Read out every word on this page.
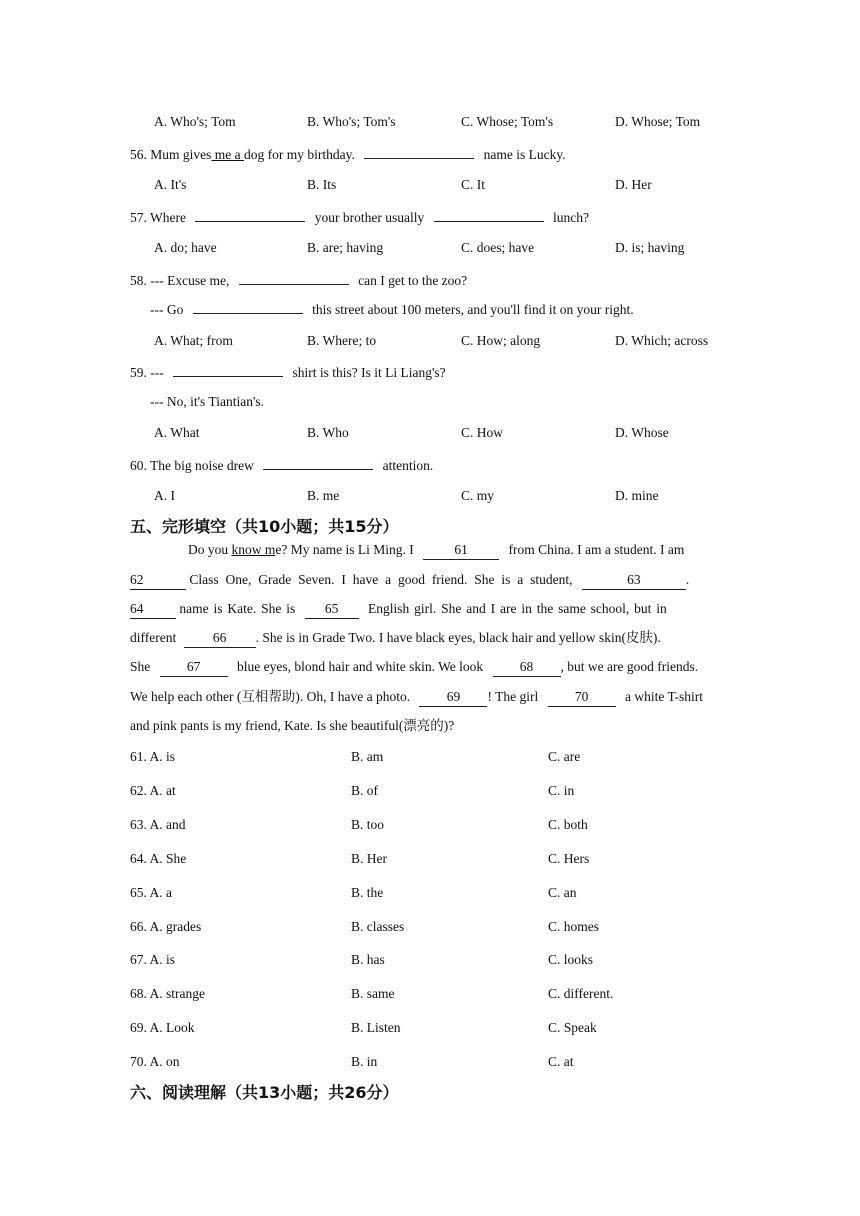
A. Who's; Tom	B. Who's; Tom's	C. Whose; Tom's	D. Whose; Tom
56. Mum gives me a dog for my birthday.	name is Lucky.
A. It's	B. Its	C. It	D. Her
57. Where	your brother usually	lunch?
A. do; have	B. are; having	C. does; have	D. is; having
58. --- Excuse me,	can I get to the zoo?
--- Go	this street about 100 meters, and you'll find it on your right.
A. What; from	B. Where; to	C. How; along	D. Which; across
59. ---	shirt is this? Is it Li Liang's?
--- No, it's Tiantian's.
A. What	B. Who	C. How	D. Whose
60. The big noise drew	attention.
A. I	B. me	C. my	D. mine
五、完形填空（共10小题；共15分）
Do you know me? My name is Li Ming. I	61	from China. I am a student. I am
62	Class One, Grade Seven. I have a good friend. She is a student,	63	.
64	name is Kate. She is 65 English girl. She and I are in the same school, but in
different	66 . She is in Grade Two. I have black eyes, black hair and yellow skin(皮肤).
She	67	blue eyes, blond hair and white skin. We look	68 , but we are good friends.
We help each other (互相帮助). Oh, I have a photo.	69 ! The girl	70	a white T-shirt
and pink pants is my friend, Kate. Is she beautiful(漂亮的)?
61. A. is	B. am	C. are
62. A. at	B. of	C. in
63. A. and	B. too	C. both
64. A. She	B. Her	C. Hers
65. A. a	B. the	C. an
66. A. grades	B. classes	C. homes
67. A. is	B. has	C. looks
68. A. strange	B. same	C. different.
69. A. Look	B. Listen	C. Speak
70. A. on	B. in	C. at
六、阅读理解（共13小题；共26分）
